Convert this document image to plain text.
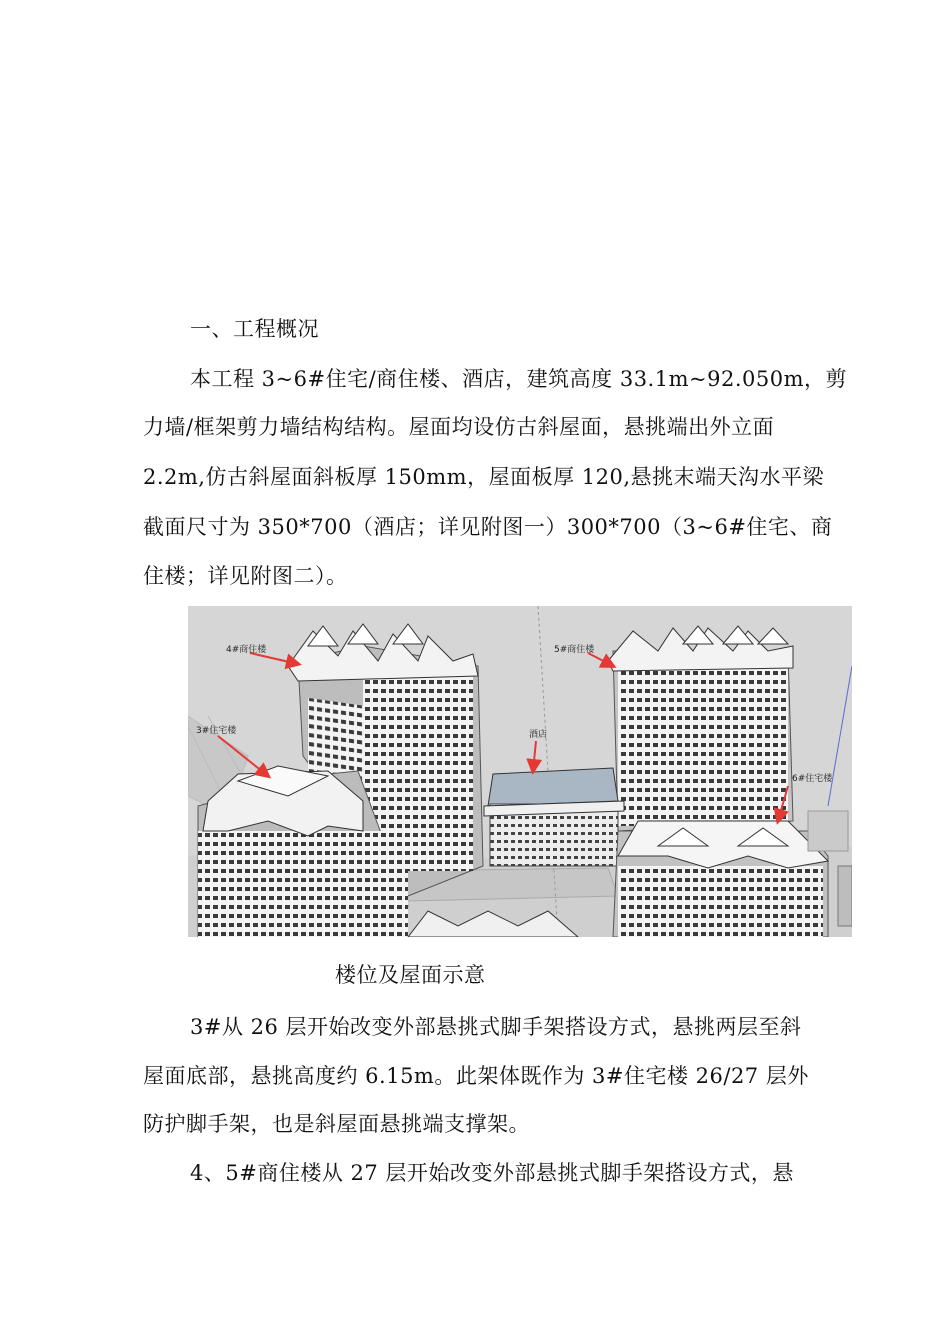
一、工程概况
本工程 3~6#住宅/商住楼、酒店，建筑高度 33.1m~92.050m，剪
力墙/框架剪力墙结构结构。屋面均设仿古斜屋面，悬挑端出外立面
2.2m,仿古斜屋面斜板厚 150mm，屋面板厚 120,悬挑末端天沟水平梁
截面尺寸为 350*700（酒店；详见附图一）300*700（3~6#住宅、商
住楼；详见附图二）。
4#商住楼	5#商住楼
3#住宅楼	酒店
6#住宅楼
楼位及屋面示意
3#从 26 层开始改变外部悬挑式脚手架搭设方式，悬挑两层至斜
屋面底部，悬挑高度约 6.15m。此架体既作为 3#住宅楼 26/27 层外
防护脚手架，也是斜屋面悬挑端支撑架。
4、5#商住楼从 27 层开始改变外部悬挑式脚手架搭设方式，悬
